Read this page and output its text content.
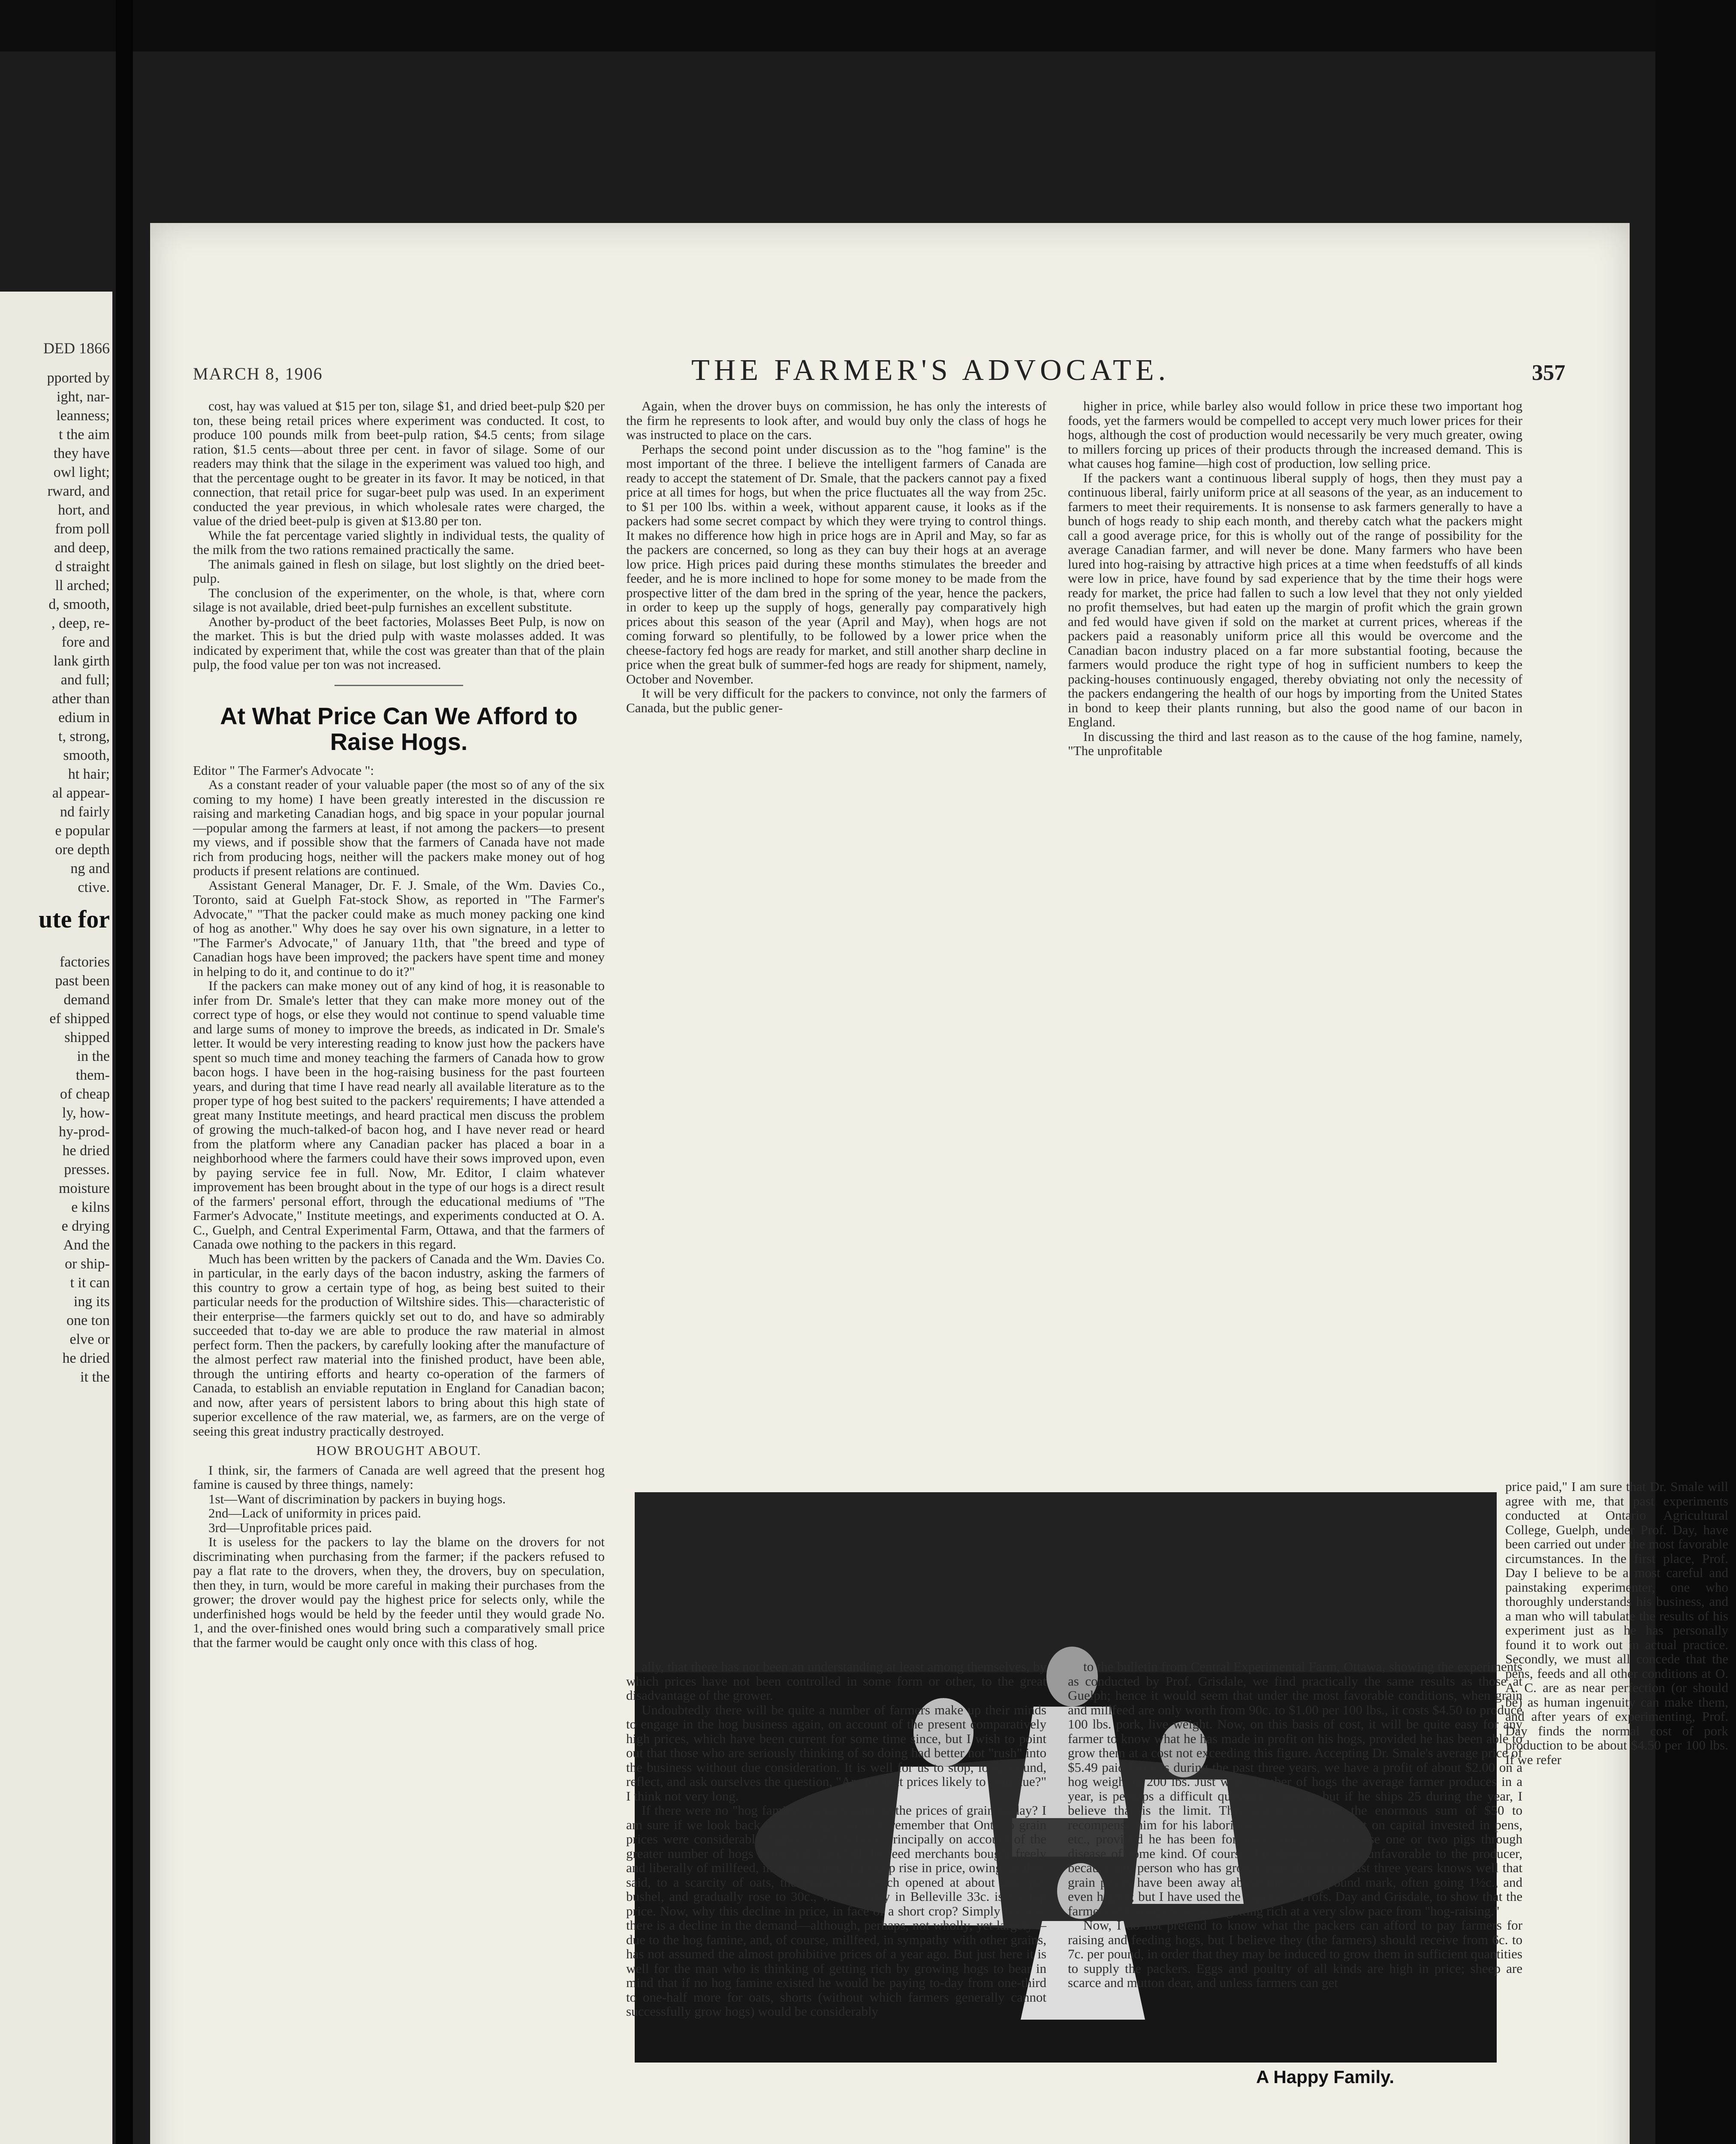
DED 1866
pported by
ight, nar-
leanness;
t the aim
they have
owl light;
rward, and
hort, and
from poll
and deep,
d straight
ll arched;
d, smooth,
, deep, re-
fore and
lank girth
and full;
ather than
edium in
t, strong,
smooth,
ht hair;
al appear-
nd fairly
e popular
ore depth
ng and
ctive.
ute for
factories
past been
demand
ef shipped
shipped
in the
them-
of cheap
ly, how-
hy-prod-
he dried
presses.
moisture
e kilns
e drying
And the
or ship-
t it can
ing its
one ton
elve or
he dried
it the
MARCH 8, 1906	THE FARMER'S ADVOCATE.	357

cost, hay was valued at $15 per ton, silage $1, and dried beet-pulp $20 per ton, these being retail prices where experiment was conducted. It cost, to produce 100 pounds milk from beet-pulp ration, $4.5 cents; from silage ration, $1.5 cents—about three per cent. in favor of silage. Some of our readers may think that the silage in the experiment was valued too high, and that the percentage ought to be greater in its favor. It may be noticed, in that connection, that retail price for sugar-beet pulp was used. In an experiment conducted the year previous, in which wholesale rates were charged, the value of the dried beet-pulp is given at $13.80 per ton.

While the fat percentage varied slightly in individual tests, the quality of the milk from the two rations remained practically the same.

The animals gained in flesh on silage, but lost slightly on the dried beet-pulp.

The conclusion of the experimenter, on the whole, is that, where corn silage is not available, dried beet-pulp furnishes an excellent substitute.

Another by-product of the beet factories, Molasses Beet Pulp, is now on the market. This is but the dried pulp with waste molasses added. It was indicated by experiment that, while the cost was greater than that of the plain pulp, the food value per ton was not increased.

At What Price Can We Afford to Raise Hogs.

Editor " The Farmer's Advocate ":

As a constant reader of your valuable paper (the most so of any of the six coming to my home) I have been greatly interested in the discussion re raising and marketing Canadian hogs, and big space in your popular journal—popular among the farmers at least, if not among the packers—to present my views, and if possible show that the farmers of Canada have not made rich from producing hogs, neither will the packers make money out of hog products if present relations are continued.

Assistant General Manager, Dr. F. J. Smale, of the Wm. Davies Co., Toronto, said at Guelph Fat-stock Show, as reported in "The Farmer's Advocate," "That the packer could make as much money packing one kind of hog as another." Why does he say over his own signature, in a letter to "The Farmer's Advocate," of January 11th, that "the breed and type of Canadian hogs have been improved; the packers have spent time and money in helping to do it, and continue to do it?"

If the packers can make money out of any kind of hog, it is reasonable to infer from Dr. Smale's letter that they can make more money out of the correct type of hogs, or else they would not continue to spend valuable time and large sums of money to improve the breeds, as indicated in Dr. Smale's letter. It would be very interesting reading to know just how the packers have spent so much time and money teaching the farmers of Canada how to grow bacon hogs. I have been in the hog-raising business for the past fourteen years, and during that time I have read nearly all available literature as to the proper type of hog best suited to the packers' requirements; I have attended a great many Institute meetings, and heard practical men discuss the problem of growing the much-talked-of bacon hog, and I have never read or heard from the platform where any Canadian packer has placed a boar in a neighborhood where the farmers could have their sows improved upon, even by paying service fee in full. Now, Mr. Editor, I claim whatever improvement has been brought about in the type of our hogs is a direct result of the farmers' personal effort, through the educational mediums of "The Farmer's Advocate," Institute meetings, and experiments conducted at O. A. C., Guelph, and Central Experimental Farm, Ottawa, and that the farmers of Canada owe nothing to the packers in this regard.

Much has been written by the packers of Canada and the Wm. Davies Co. in particular, in the early days of the bacon industry, asking the farmers of this country to grow a certain type of hog, as being best suited to their particular needs for the production of Wiltshire sides. This—characteristic of their enterprise—the farmers quickly set out to do, and have so admirably succeeded that to-day we are able to produce the raw material in almost perfect form. Then the packers, by carefully looking after the manufacture of the almost perfect raw material into the finished product, have been able, through the untiring efforts and hearty co-operation of the farmers of Canada, to establish an enviable reputation in England for Canadian bacon; and now, after years of persistent labors to bring about this high state of superior excellence of the raw material, we, as farmers, are on the verge of seeing this great industry practically destroyed.

HOW BROUGHT ABOUT.

I think, sir, the farmers of Canada are well agreed that the present hog famine is caused by three things, namely:

1st—Want of discrimination by packers in buying hogs.

2nd—Lack of uniformity in prices paid.

3rd—Unprofitable prices paid.

It is useless for the packers to lay the blame on the drovers for not discriminating when purchasing from the farmer; if the packers refused to pay a flat rate to the drovers, when they, the drovers, buy on speculation, then they, in turn, would be more careful in making their purchases from the grower; the drover would pay the highest price for selects only, while the underfinished hogs would be held by the feeder until they would grade No. 1, and the over-finished ones would bring such a comparatively small price that the farmer would be caught only once with this class of hog.

Again, when the drover buys on commission, he has only the interests of the firm he represents to look after, and would buy only the class of hogs he was instructed to place on the cars.

Perhaps the second point under discussion as to the "hog famine" is the most important of the three. I believe the intelligent farmers of Canada are ready to accept the statement of Dr. Smale, that the packers cannot pay a fixed price at all times for hogs, but when the price fluctuates all the way from 25c. to $1 per 100 lbs. within a week, without apparent cause, it looks as if the packers had some secret compact by which they were trying to control things. It makes no difference how high in price hogs are in April and May, so far as the packers are concerned, so long as they can buy their hogs at an average low price. High prices paid during these months stimulates the breeder and feeder, and he is more inclined to hope for some money to be made from the prospective litter of the dam bred in the spring of the year, hence the packers, in order to keep up the supply of hogs, generally pay comparatively high prices about this season of the year (April and May), when hogs are not coming forward so plentifully, to be followed by a lower price when the cheese-factory fed hogs are ready for market, and still another sharp decline in price when the great bulk of summer-fed hogs are ready for shipment, namely, October and November.

It will be very difficult for the packers to convince, not only the farmers of Canada, but the public gener-

higher in price, while barley also would follow in price these two important hog foods, yet the farmers would be compelled to accept very much lower prices for their hogs, although the cost of production would necessarily be very much greater, owing to millers forcing up prices of their products through the increased demand. This is what causes hog famine—high cost of production, low selling price.

If the packers want a continuous liberal supply of hogs, then they must pay a continuous liberal, fairly uniform price at all seasons of the year, as an inducement to farmers to meet their requirements. It is nonsense to ask farmers generally to have a bunch of hogs ready to ship each month, and thereby catch what the packers might call a good average price, for this is wholly out of the range of possibility for the average Canadian farmer, and will never be done. Many farmers who have been lured into hog-raising by attractive high prices at a time when feedstuffs of all kinds were low in price, have found by sad experience that by the time their hogs were ready for market, the price had fallen to such a low level that they not only yielded no profit themselves, but had eaten up the margin of profit which the grain grown and fed would have given if sold on the market at current prices, whereas if the packers paid a reasonably uniform price all this would be overcome and the Canadian bacon industry placed on a far more substantial footing, because the farmers would produce the right type of hog in sufficient numbers to keep the packing-houses continuously engaged, thereby obviating not only the necessity of the packers endangering the health of our hogs by importing from the United States in bond to keep their plants running, but also the good name of our bacon in England.

In discussing the third and last reason as to the cause of the hog famine, namely, "The unprofitable

A Happy Family.

price paid," I am sure that Dr. Smale will agree with me, that past experiments conducted at Ontario Agricultural College, Guelph, under Prof. Day, have been carried out under the most favorable circumstances. In the first place, Prof. Day I believe to be a most careful and painstaking experimenter, one who thoroughly understands his business, and a man who will tabulate the results of his experiment just as he has personally found it to work out in actual practice. Secondly, we must all concede that the pens, feeds and all other conditions at O. A. C. are as near perfection (or should be) as human ingenuity can make them, and after years of experimenting, Prof. Day finds the normal cost of pork production to be about $4.50 per 100 lbs. If we refer

ally, that there has not been an understanding at least among themselves, by which prices have not been controlled in some form or other, to the great disadvantage of the grower.

Undoubtedly there will be quite a number of farmers make up their minds to engage in the hog business again, on account of the present comparatively high prices, which have been current for some time since, but I wish to point out that those who are seriously thinking of so doing had better not "rush" into the business without due consideration. It is well for us to stop, look around, reflect, and ask ourselves the question, "Are present prices likely to continue?" I think not very long.

If there were no "hog famine," what would be the prices of grain to-day? I am sure if we look back to a year ago, we will remember that Ontario grain prices were considerably higher, and I believe principally on account of the greater number of hogs being fed. Last fall the feed merchants bought freely and liberally of millfeed, in anticipation of a sharp rise in price, owing, as they said, to a scarcity of oats, the market for which opened at about 28c. per bushel, and gradually rose to 30c., while to-day in Belleville 33c. is the top price. Now, why this decline in price, in face of a short crop? Simply because there is a decline in the demand—although, perhaps, not wholly, yet largely—due to the hog famine, and, of course, millfeed, in sympathy with other grains, has not assumed the almost prohibitive prices of a year ago. But just here it is well for the man who is thinking of getting rich by growing hogs to bear in mind that if no hog famine existed he would be paying to-day from one-third to one-half more for oats, shorts (without which farmers generally cannot successfully grow hogs) would be considerably

to the bulletin from Central Experimental Farm, Ottawa, showing the experiments as conducted by Prof. Grisdale, we find practically the same results as those at Guelph; hence it would seem that under the most favorable conditions, when grain and millfeed are only worth from 90c. to $1.00 per 100 lbs., it costs $4.50 to produce 100 lbs. pork, live weight. Now, on this basis of cost, it will be quite easy for any farmer to know what he has made in profit on his hogs, provided he has been able to grow them at a cost not exceeding this figure. Accepting Dr. Smale's average price of $5.49 paid farmers during the past three years, we have a profit of about $2.00 on a hog weighing 200 lbs. Just what number of hogs the average farmer produces in a year, is perhaps a difficult question to get at, but if he ships 25 during the year, I believe that is the limit. This would give him the enormous sum of $50 to recompense him for his laborious year's work, interest on capital invested in pens, etc., provided he has been fortunate enough not to lose one or two pigs through disease of some kind. Of course this showing is very unfavorable to the producer, because any person who has grown hogs during the last three years knows well that grain prices have been away above the cent a pound mark, often going 1½c., and even higher; but I have used the figures of Profs. Day and Grisdale, to show that the farmers of Canada have been getting rich at a very slow pace from "hog-raising."

Now, I do not pretend to know what the packers can afford to pay farmers for raising and feeding hogs, but I believe they (the farmers) should receive from 6c. to 7c. per pound, in order that they may be induced to grow them in sufficient quantities to supply the packers. Eggs and poultry of all kinds are high in price; sheep are scarce and mutton dear, and unless farmers can get
